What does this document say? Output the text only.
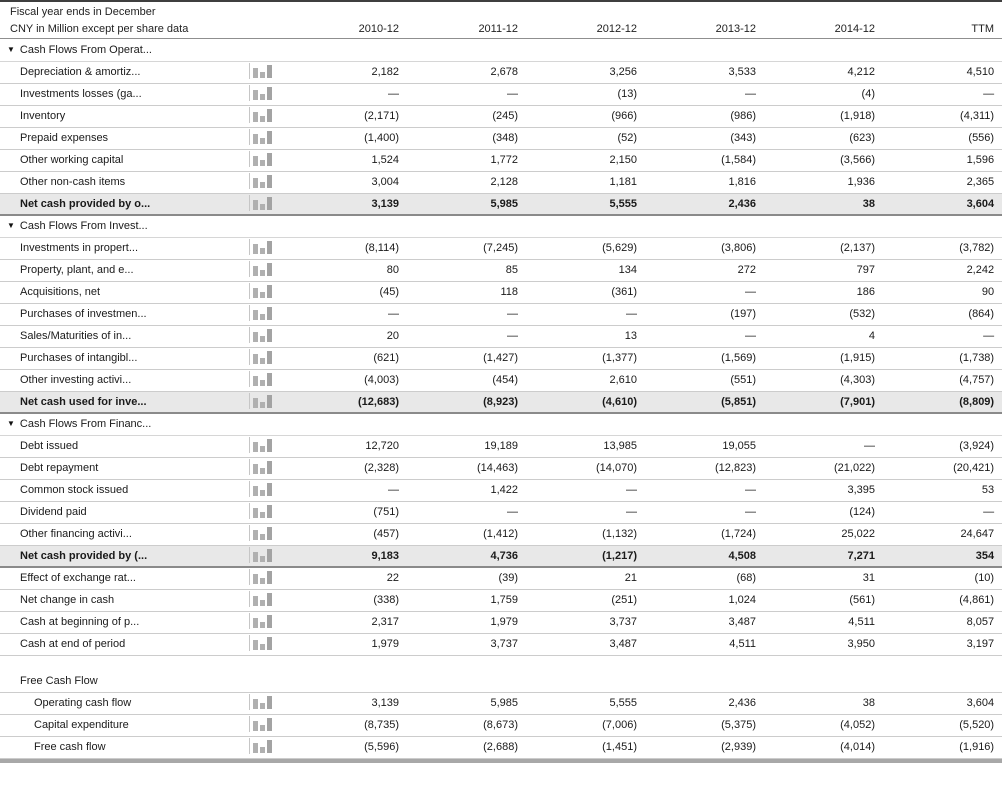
Fiscal year ends in December
CNY in Million except per share data	2010-12	2011-12	2012-12	2013-12	2014-12	TTM
▼ Cash Flows From Operat...							
Depreciation & amortiz...		2,182	2,678	3,256	3,533	4,212	4,510
Investments losses (ga...		—	—	(13)	—	(4)	—
Inventory		(2,171)	(245)	(966)	(986)	(1,918)	(4,311)
Prepaid expenses		(1,400)	(348)	(52)	(343)	(623)	(556)
Other working capital		1,524	1,772	2,150	(1,584)	(3,566)	1,596
Other non-cash items		3,004	2,128	1,181	1,816	1,936	2,365
Net cash provided by o...		3,139	5,985	5,555	2,436	38	3,604
▼ Cash Flows From Invest...							
Investments in propert...		(8,114)	(7,245)	(5,629)	(3,806)	(2,137)	(3,782)
Property, plant, and e...		80	85	134	272	797	2,242
Acquisitions, net		(45)	118	(361)	—	186	90
Purchases of investmen...		—	—	—	(197)	(532)	(864)
Sales/Maturities of in...		20	—	13	—	4	—
Purchases of intangibl...		(621)	(1,427)	(1,377)	(1,569)	(1,915)	(1,738)
Other investing activi...		(4,003)	(454)	2,610	(551)	(4,303)	(4,757)
Net cash used for inve...		(12,683)	(8,923)	(4,610)	(5,851)	(7,901)	(8,809)
▼ Cash Flows From Financ...							
Debt issued		12,720	19,189	13,985	19,055	—	(3,924)
Debt repayment		(2,328)	(14,463)	(14,070)	(12,823)	(21,022)	(20,421)
Common stock issued		—	1,422	—	—	3,395	53
Dividend paid		(751)	—	—	—	(124)	—
Other financing activi...		(457)	(1,412)	(1,132)	(1,724)	25,022	24,647
Net cash provided by (...		9,183	4,736	(1,217)	4,508	7,271	354
Effect of exchange rat...		22	(39)	21	(68)	31	(10)
Net change in cash		(338)	1,759	(251)	1,024	(561)	(4,861)
Cash at beginning of p...		2,317	1,979	3,737	3,487	4,511	8,057
Cash at end of period		1,979	3,737	3,487	4,511	3,950	3,197

Free Cash Flow							
Operating cash flow		3,139	5,985	5,555	2,436	38	3,604
Capital expenditure		(8,735)	(8,673)	(7,006)	(5,375)	(4,052)	(5,520)
Free cash flow		(5,596)	(2,688)	(1,451)	(2,939)	(4,014)	(1,916)
